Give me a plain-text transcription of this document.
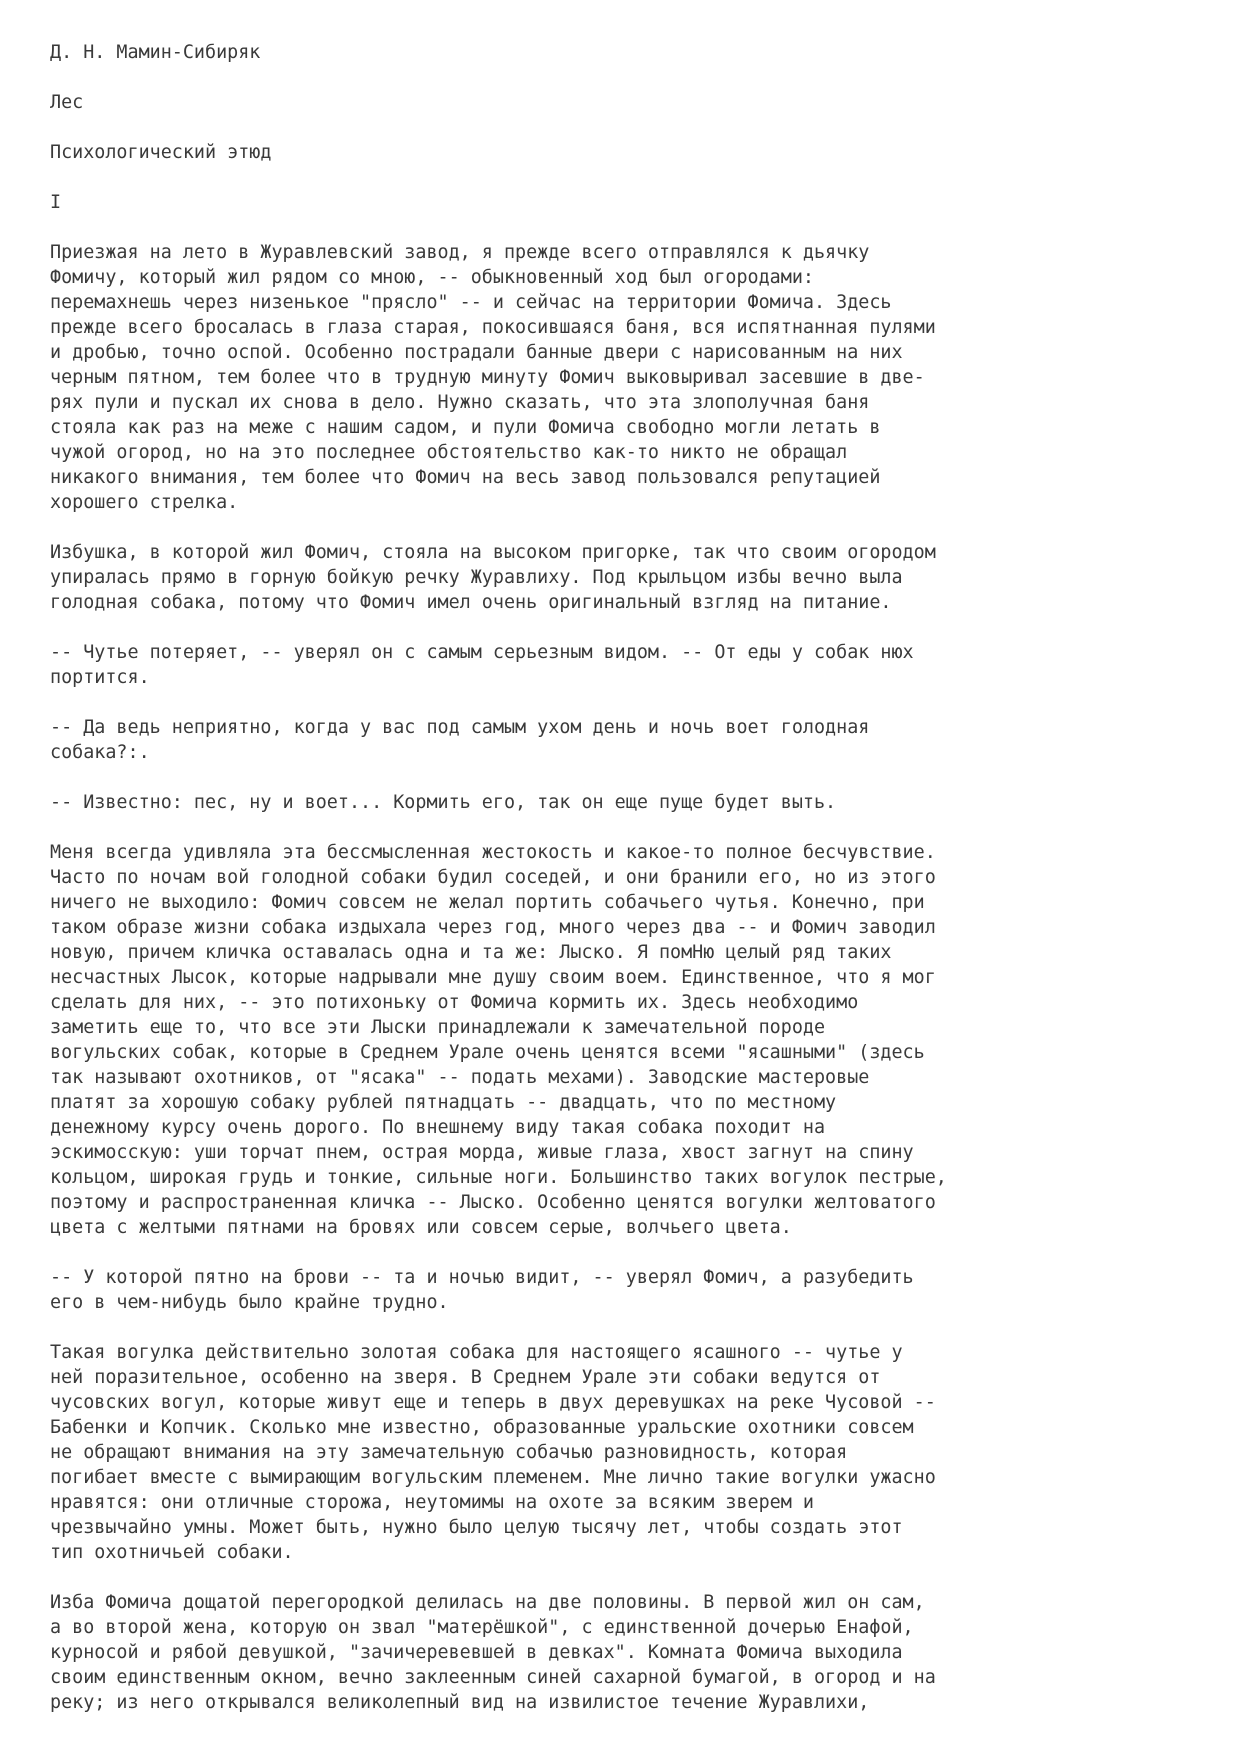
Д. Н. Мамин-Сибиряк
Лес
Психологический этюд
I
Приезжая на лето в Журавлевский завод, я прежде всего отправлялся к дьячку
Фомичу, который жил рядом со мною, -- обыкновенный ход был огородами:
перемахнешь через низенькое "прясло" -- и сейчас на территории Фомича. Здесь
прежде всего бросалась в глаза старая, покосившаяся баня, вся испятнанная пулями
и дробью, точно оспой. Особенно пострадали банные двери с нарисованным на них
черным пятном, тем более что в трудную минуту Фомич выковыривал засевшие в две-
рях пули и пускал их снова в дело. Нужно сказать, что эта злополучная баня
стояла как раз на меже с нашим садом, и пули Фомича свободно могли летать в
чужой огород, но на это последнее обстоятельство как-то никто не обращал
никакого внимания, тем более что Фомич на весь завод пользовался репутацией
хорошего стрелка.
Избушка, в которой жил Фомич, стояла на высоком пригорке, так что своим огородом
упиралась прямо в горную бойкую речку Журавлиху. Под крыльцом избы вечно выла
голодная собака, потому что Фомич имел очень оригинальный взгляд на питание.
-- Чутье потеряет, -- уверял он с самым серьезным видом. -- От еды у собак нюх
портится.
-- Да ведь неприятно, когда у вас под самым ухом день и ночь воет голодная
собака?:.
-- Известно: пес, ну и воет... Кормить его, так он еще пуще будет выть.
Меня всегда удивляла эта бессмысленная жестокость и какое-то полное бесчувствие.
Часто по ночам вой голодной собаки будил соседей, и они бранили его, но из этого
ничего не выходило: Фомич совсем не желал портить собачьего чутья. Конечно, при
таком образе жизни собака издыхала через год, много через два -- и Фомич заводил
новую, причем кличка оставалась одна и та же: Лыско. Я помНю целый ряд таких
несчастных Лысок, которые надрывали мне душу своим воем. Единственное, что я мог
сделать для них, -- это потихоньку от Фомича кормить их. Здесь необходимо
заметить еще то, что все эти Лыски принадлежали к замечательной породе
вогульских собак, которые в Среднем Урале очень ценятся всеми "ясашными" (здесь
так называют охотников, от "ясака" -- подать мехами). Заводские мастеровые
платят за хорошую собаку рублей пятнадцать -- двадцать, что по местному
денежному курсу очень дорого. По внешнему виду такая собака походит на
эскимосскую: уши торчат пнем, острая морда, живые глаза, хвост загнут на спину
кольцом, широкая грудь и тонкие, сильные ноги. Большинство таких вогулок пестрые,
поэтому и распространенная кличка -- Лыско. Особенно ценятся вогулки желтоватого
цвета с желтыми пятнами на бровях или совсем серые, волчьего цвета.
-- У которой пятно на брови -- та и ночью видит, -- уверял Фомич, а разубедить
его в чем-нибудь было крайне трудно.
Такая вогулка действительно золотая собака для настоящего ясашного -- чутье у
ней поразительное, особенно на зверя. В Среднем Урале эти собаки ведутся от
чусовских вогул, которые живут еще и теперь в двух деревушках на реке Чусовой --
Бабенки и Копчик. Сколько мне известно, образованные уральские охотники совсем
не обращают внимания на эту замечательную собачью разновидность, которая
погибает вместе с вымирающим вогульским племенем. Мне лично такие вогулки ужасно
нравятся: они отличные сторожа, неутомимы на охоте за всяким зверем и
чрезвычайно умны. Может быть, нужно было целую тысячу лет, чтобы создать этот
тип охотничьей собаки.
Изба Фомича дощатой перегородкой делилась на две половины. В первой жил он сам,
а во второй жена, которую он звал "матерёшкой", с единственной дочерью Енафой,
курносой и рябой девушкой, "зачичеревевшей в девках". Комната Фомича выходила
своим единственным окном, вечно заклеенным синей сахарной бумагой, в огород и на
реку; из него открывался великолепный вид на извилистое течение Журавлихи,
